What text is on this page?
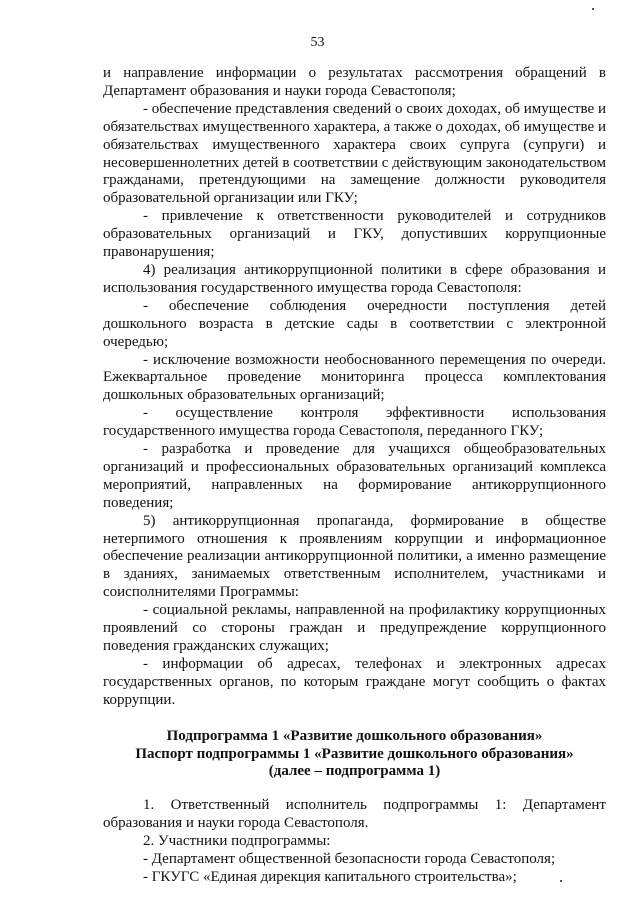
53

и направление информации о результатах рассмотрения обращений в Департамент образования и науки города Севастополя;

- обеспечение представления сведений о своих доходах, об имуществе и обязательствах имущественного характера, а также о доходах, об имуществе и обязательствах имущественного характера своих супруга (супруги) и несовершеннолетних детей в соответствии с действующим законодательством гражданами, претендующими на замещение должности руководителя образовательной организации или ГКУ;

- привлечение к ответственности руководителей и сотрудников образовательных организаций и ГКУ, допустивших коррупционные правонарушения;

4) реализация антикоррупционной политики в сфере образования и использования государственного имущества города Севастополя:

- обеспечение соблюдения очередности поступления детей дошкольного возраста в детские сады в соответствии с электронной очередью;

- исключение возможности необоснованного перемещения по очереди. Ежеквартальное проведение мониторинга процесса комплектования дошкольных образовательных организаций;

- осуществление контроля эффективности использования государственного имущества города Севастополя, переданного ГКУ;

- разработка и проведение для учащихся общеобразовательных организаций и профессиональных образовательных организаций комплекса мероприятий, направленных на формирование антикоррупционного поведения;

5) антикоррупционная пропаганда, формирование в обществе нетерпимого отношения к проявлениям коррупции и информационное обеспечение реализации антикоррупционной политики, а именно размещение в зданиях, занимаемых ответственным исполнителем, участниками и соисполнителями Программы:

- социальной рекламы, направленной на профилактику коррупционных проявлений со стороны граждан и предупреждение коррупционного поведения гражданских служащих;

- информации об адресах, телефонах и электронных адресах государственных органов, по которым граждане могут сообщить о фактах коррупции.

Подпрограмма 1 «Развитие дошкольного образования»

Паспорт подпрограммы 1 «Развитие дошкольного образования»

(далее – подпрограмма 1)

1. Ответственный исполнитель подпрограммы 1: Департамент образования и науки города Севастополя.

2. Участники подпрограммы:

- Департамент общественной безопасности города Севастополя;

- ГКУГС «Единая дирекция капитального строительства»;
